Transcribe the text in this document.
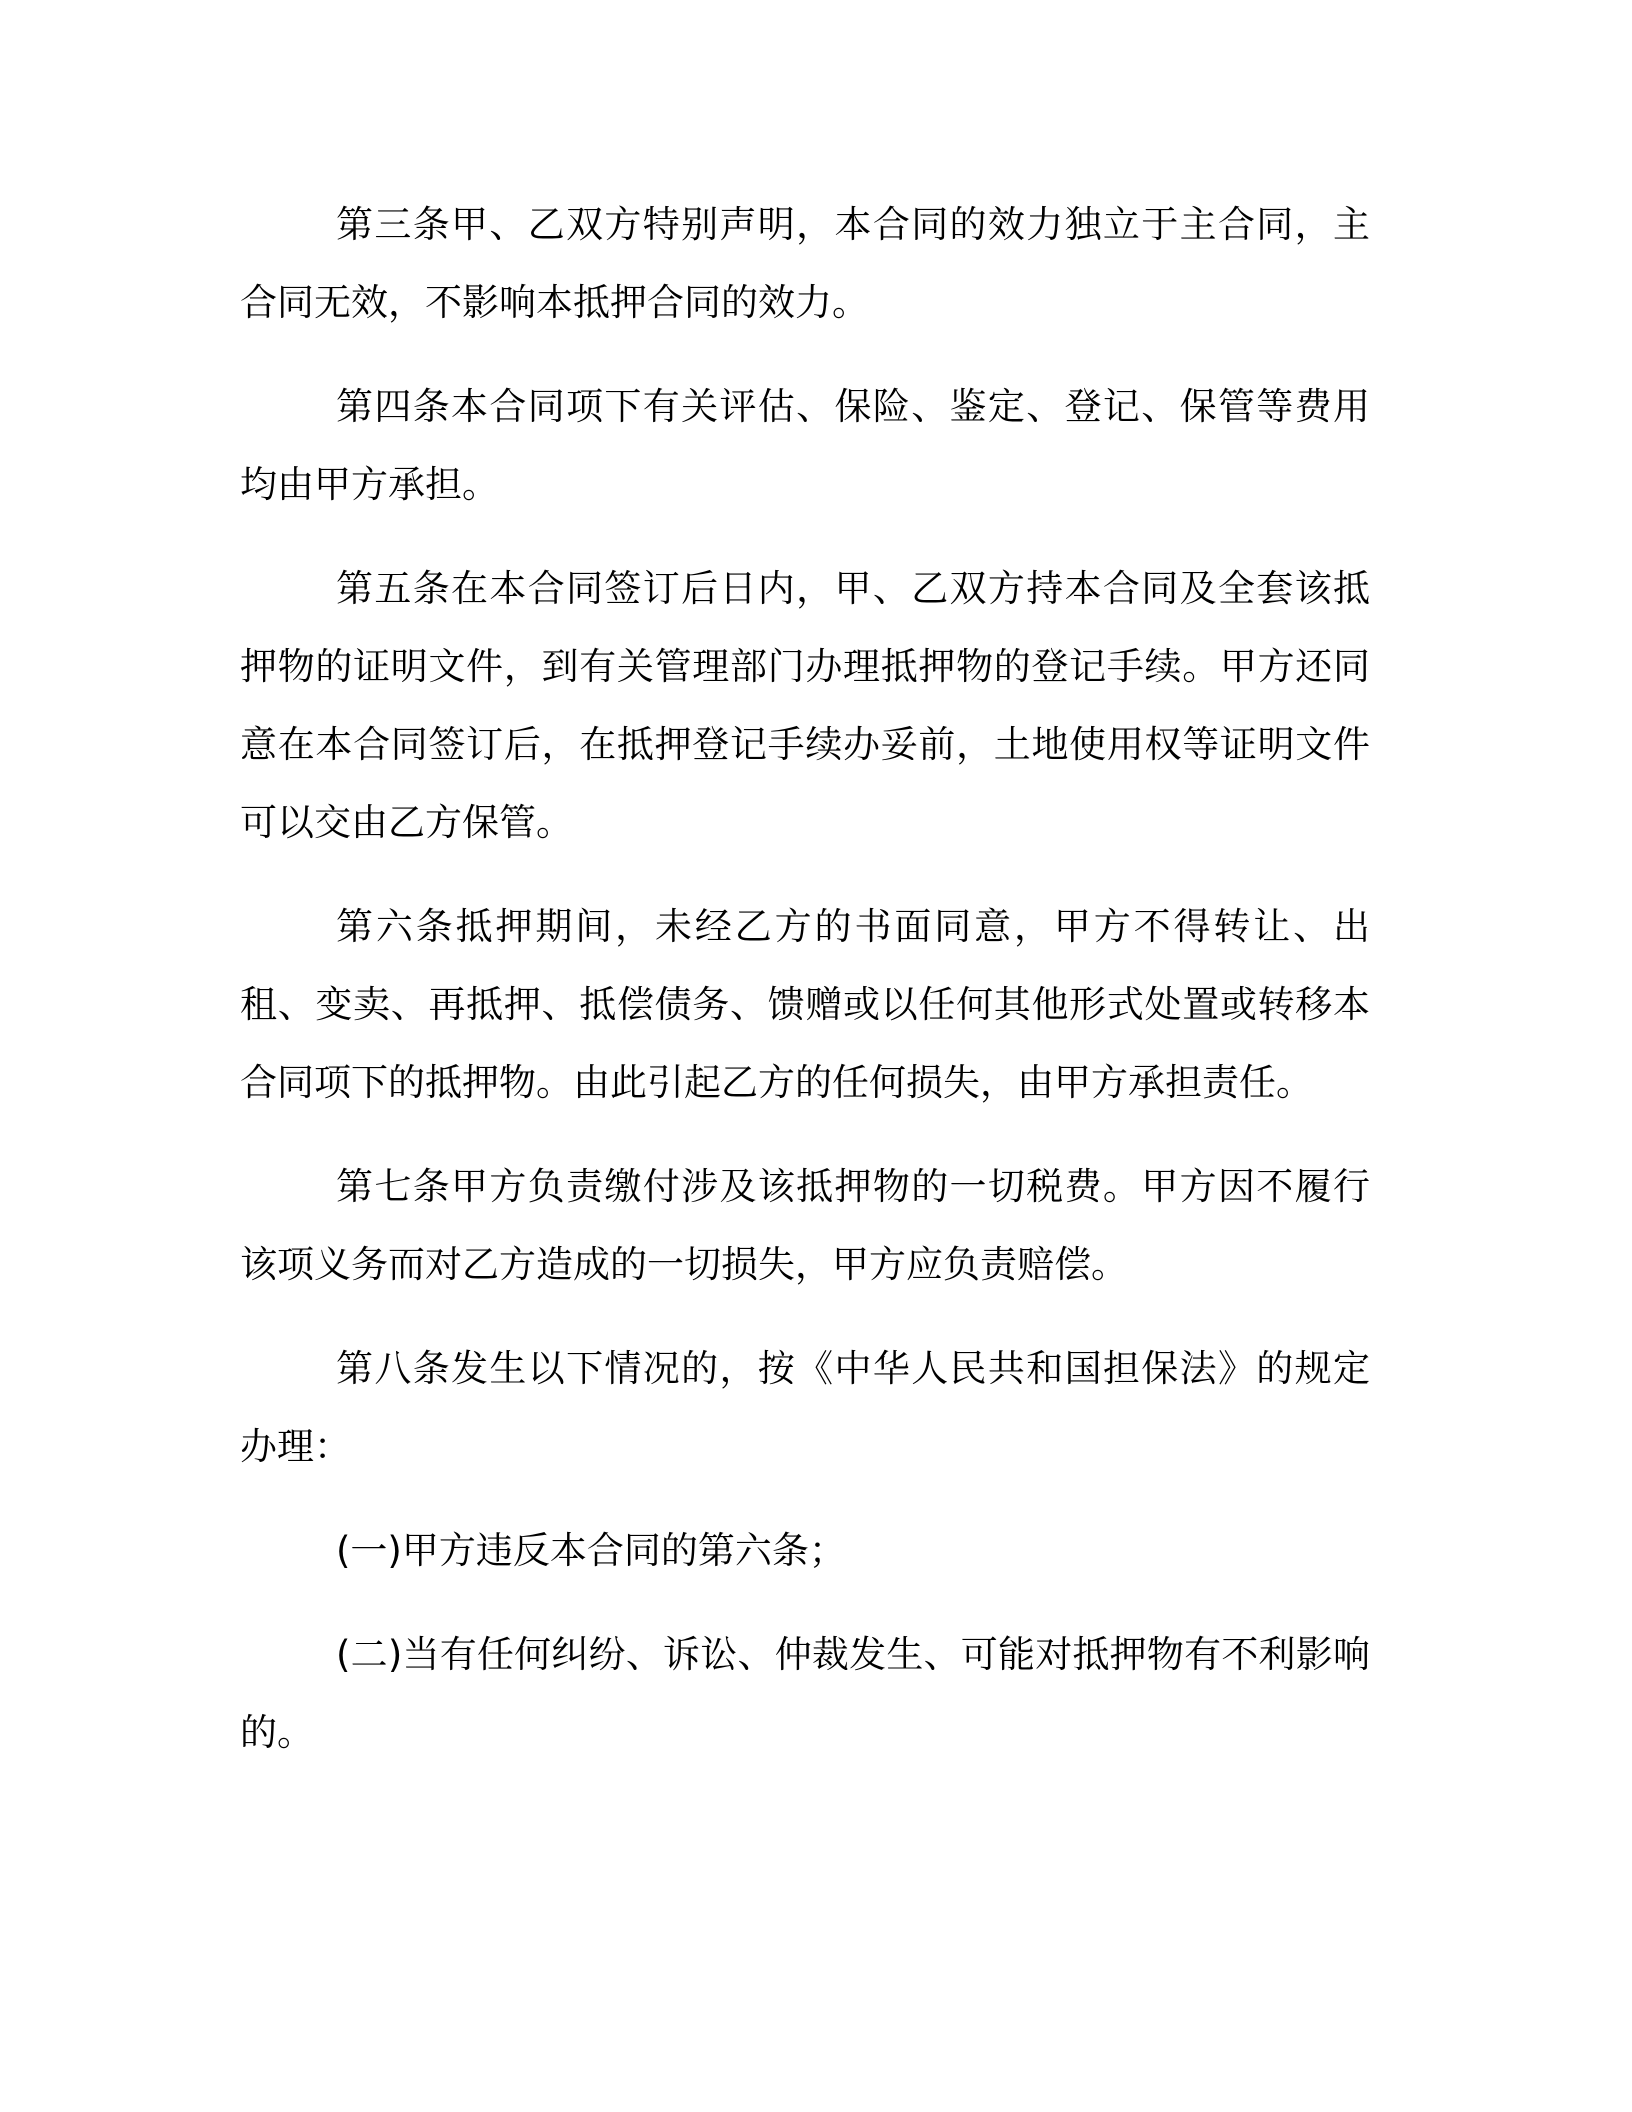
第三条甲、乙双方特别声明，本合同的效力独立于主合同，主合同无效，不影响本抵押合同的效力。

第四条本合同项下有关评估、保险、鉴定、登记、保管等费用均由甲方承担。

第五条在本合同签订后日内，甲、乙双方持本合同及全套该抵押物的证明文件，到有关管理部门办理抵押物的登记手续。甲方还同意在本合同签订后，在抵押登记手续办妥前，土地使用权等证明文件可以交由乙方保管。

第六条抵押期间，未经乙方的书面同意，甲方不得转让、出租、变卖、再抵押、抵偿债务、馈赠或以任何其他形式处置或转移本合同项下的抵押物。由此引起乙方的任何损失，由甲方承担责任。

第七条甲方负责缴付涉及该抵押物的一切税费。甲方因不履行该项义务而对乙方造成的一切损失，甲方应负责赔偿。

第八条发生以下情况的，按《中华人民共和国担保法》的规定办理：

(一)甲方违反本合同的第六条；

(二)当有任何纠纷、诉讼、仲裁发生、可能对抵押物有不利影响的。
